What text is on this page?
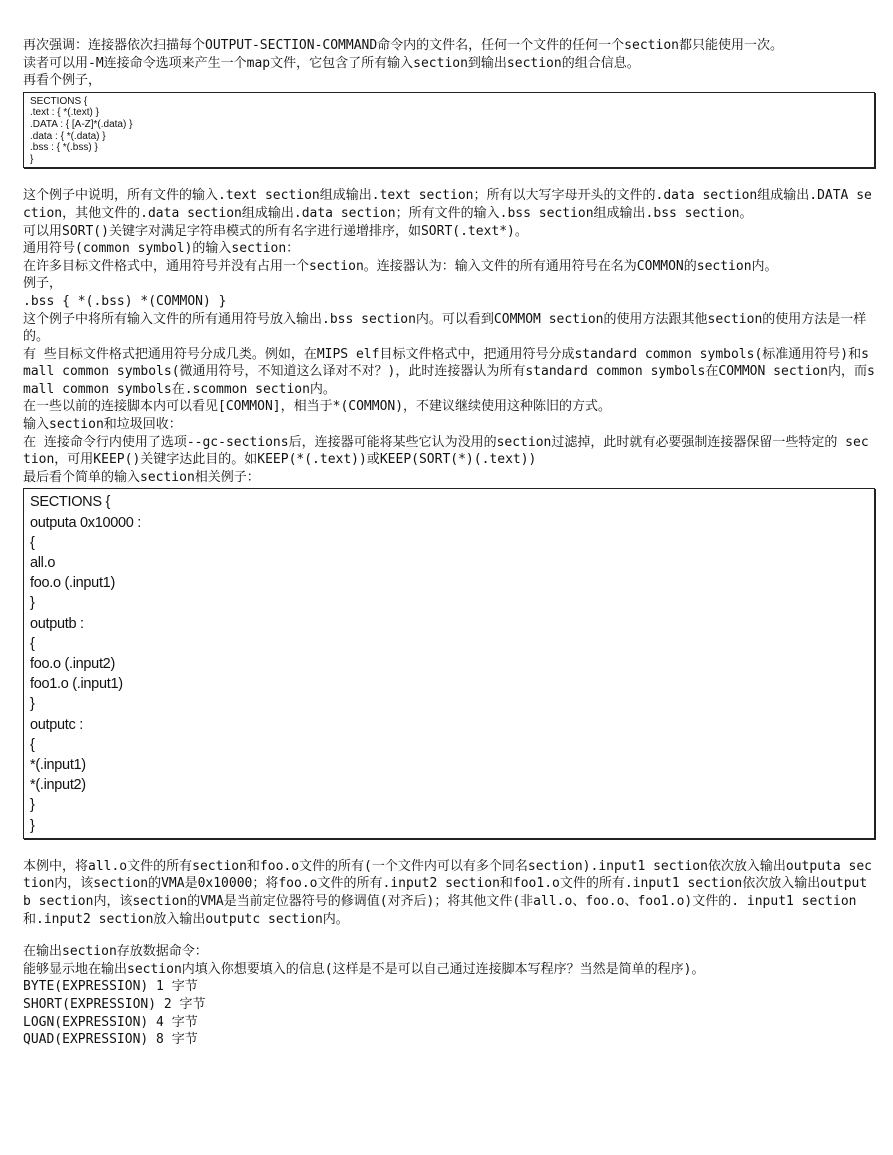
再次强调：连接器依次扫描每个OUTPUT-SECTION-COMMAND命令内的文件名，任何一个文件的任何一个section都只能使用一次。

读者可以用-M连接命令选项来产生一个map文件，它包含了所有输入section到输出section的组合信息。

再看个例子，

SECTIONS {
.text : { *(.text) }
.DATA : { [A-Z]*(.data) }
.data : { *(.data) }
.bss : { *(.bss) }
}

这个例子中说明，所有文件的输入.text section组成输出.text section；所有以大写字母开头的文件的.data section组成输出.DATA section，其他文件的.data section组成输出.data section；所有文件的输入.bss section组成输出.bss section。

可以用SORT()关键字对满足字符串模式的所有名字进行递增排序，如SORT(.text*)。

通用符号(common symbol)的输入section：

在许多目标文件格式中，通用符号并没有占用一个section。连接器认为：输入文件的所有通用符号在名为COMMON的section内。

例子，

.bss { *(.bss) *(COMMON) }

这个例子中将所有输入文件的所有通用符号放入输出.bss section内。可以看到COMMOM section的使用方法跟其他section的使用方法是一样的。

有 些目标文件格式把通用符号分成几类。例如，在MIPS elf目标文件格式中，把通用符号分成standard common symbols(标准通用符号)和small common symbols(微通用符号，不知道这么译对不对？)，此时连接器认为所有standard common symbols在COMMON section内，而small common symbols在.scommon section内。

在一些以前的连接脚本内可以看见[COMMON]，相当于*(COMMON)，不建议继续使用这种陈旧的方式。

输入section和垃圾回收：

在 连接命令行内使用了选项--gc-sections后，连接器可能将某些它认为没用的section过滤掉，此时就有必要强制连接器保留一些特定的 section，可用KEEP()关键字达此目的。如KEEP(*(.text))或KEEP(SORT(*)(.text))

最后看个简单的输入section相关例子：

SECTIONS {
outputa 0x10000 :
{
all.o
foo.o (.input1)
}
outputb :
{
foo.o (.input2)
foo1.o (.input1)
}
outputc :
{
*(.input1)
*(.input2)
}
}

本例中，将all.o文件的所有section和foo.o文件的所有(一个文件内可以有多个同名section).input1 section依次放入输出outputa section内，该section的VMA是0x10000；将foo.o文件的所有.input2 section和foo1.o文件的所有.input1 section依次放入输出outputb section内，该section的VMA是当前定位器符号的修调值(对齐后)；将其他文件(非all.o、foo.o、foo1.o)文件的. input1 section和.input2 section放入输出outputc section内。

在输出section存放数据命令：

能够显示地在输出section内填入你想要填入的信息(这样是不是可以自己通过连接脚本写程序？当然是简单的程序)。

BYTE(EXPRESSION) 1 字节

SHORT(EXPRESSION) 2 字节

LOGN(EXPRESSION) 4 字节

QUAD(EXPRESSION) 8 字节
